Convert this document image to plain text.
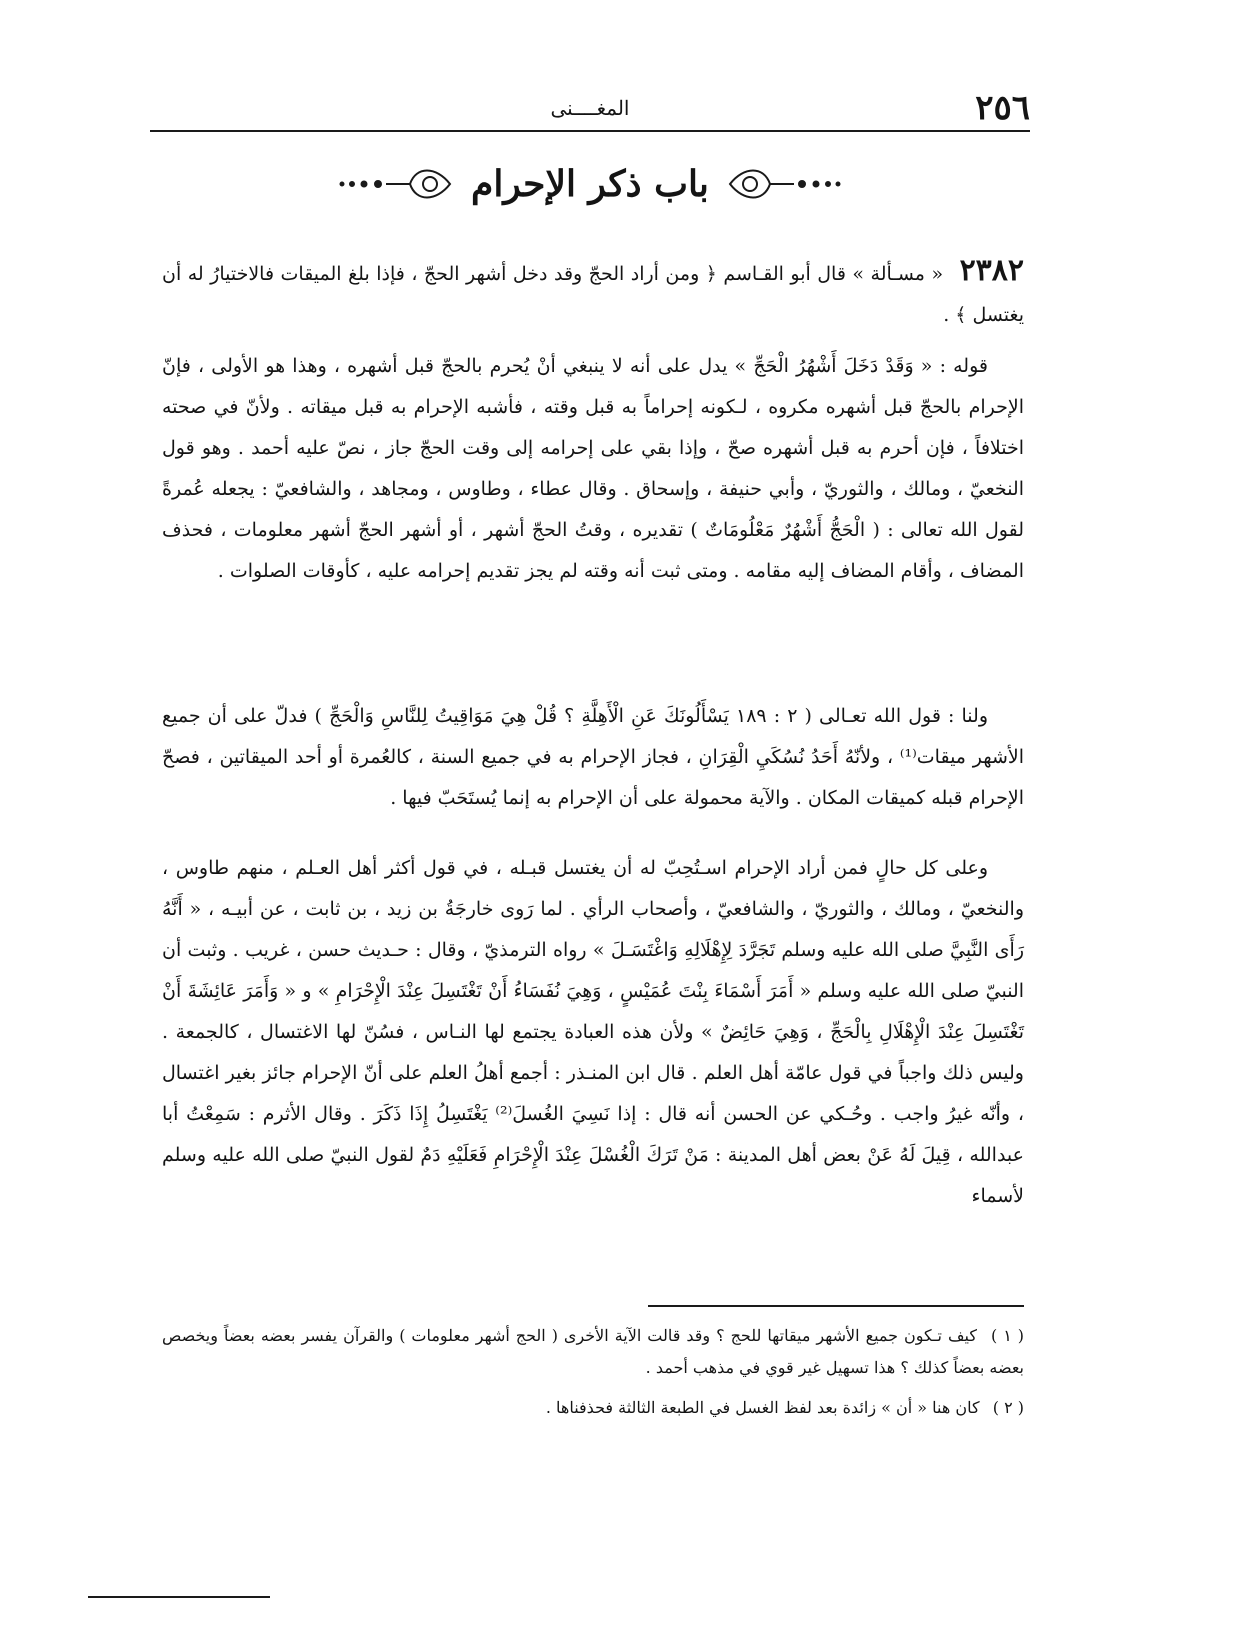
٢٥٦
المغــــنى
باب ذكر الإحرام

٢٣٨٢ « مسـألة » قال أبو القـاسم ﴿ ومن أراد الحجّ وقد دخل أشهر الحجّ ، فإذا بلغ الميقات فالاختيارُ له أن يغتسل ﴾ .

قوله : « وَقَدْ دَخَلَ أَشْهُرُ الْحَجِّ » يدل على أنه لا ينبغي أنْ يُحرم بالحجّ قبل أشهره ، وهذا هو الأولى ، فإنّ الإحرام بالحجّ قبل أشهره مكروه ، لـكونه إحراماً به قبل وقته ، فأشبه الإحرام به قبل ميقاته . ولأنّ في صحته اختلافاً ، فإن أحرم به قبل أشهره صحّ ، وإذا بقي على إحرامه إلى وقت الحجّ جاز ، نصّ عليه أحمد . وهو قول النخعيّ ، ومالك ، والثوريّ ، وأبي حنيفة ، وإسحاق . وقال عطاء ، وطاوس ، ومجاهد ، والشافعيّ : يجعله عُمرةً لقول الله تعالى : ( الْحَجُّ أَشْهُرٌ مَعْلُومَاتٌ ) تقديره ، وقتُ الحجّ أشهر ، أو أشهر الحجّ أشهر معلومات ، فحذف المضاف ، وأقام المضاف إليه مقامه . ومتى ثبت أنه وقته لم يجز تقديم إحرامه عليه ، كأوقات الصلوات .

ولنا : قول الله تعـالى ( ٢ : ١٨٩ يَسْأَلُونَكَ عَنِ الْأَهِلَّةِ ؟ قُلْ هِيَ مَوَاقِيتُ لِلنَّاسِ وَالْحَجِّ ) فدلّ على أن جميع الأشهر ميقات⁽¹⁾ ، ولأنّهُ أَحَدُ نُسُكَيِ الْقِرَانِ ، فجاز الإحرام به في جميع السنة ، كالعُمرة أو أحد الميقاتين ، فصحّ الإحرام قبله كميقات المكان . والآية محمولة على أن الإحرام به إنما يُستَحَبّ فيها .

وعلى كل حالٍ فمن أراد الإحرام اسـتُحِبّ له أن يغتسل قبـله ، في قول أكثر أهل العـلم ، منهم طاوس ، والنخعيّ ، ومالك ، والثوريّ ، والشافعيّ ، وأصحاب الرأي . لما رَوى خارجَةُ بن زيد ، بن ثابت ، عن أبيـه ، « أَنَّهُ رَأَى النَّبِيَّ صلى الله عليه وسلم تَجَرَّدَ لِإِهْلَالِهِ وَاغْتَسَـلَ » رواه الترمذيّ ، وقال : حـديث حسن ، غريب . وثبت أن النبيّ صلى الله عليه وسلم « أَمَرَ أَسْمَاءَ بِنْتَ عُمَيْسٍ ، وَهِيَ نُفَسَاءُ أَنْ تَغْتَسِلَ عِنْدَ الْإِحْرَامِ » و « وَأَمَرَ عَائِشَةَ أَنْ تَغْتَسِلَ عِنْدَ الْإِهْلَالِ بِالْحَجِّ ، وَهِيَ حَائِضٌ » ولأن هذه العبادة يجتمع لها النـاس ، فسُنّ لها الاغتسال ، كالجمعة . وليس ذلك واجباً في قول عامّة أهل العلم . قال ابن المنـذر : أجمع أهلُ العلم على أنّ الإحرام جائز بغير اغتسال ، وأنّه غيرُ واجب . وحُـكي عن الحسن أنه قال : إذا نَسِيَ الغُسلَ⁽²⁾ يَغْتَسِلُ إِذَا ذَكَرَ . وقال الأثرم : سَمِعْتُ أبا عبدالله ، قِيلَ لَهُ عَنْ بعض أهل المدينة : مَنْ تَرَكَ الْغُسْلَ عِنْدَ الْإِحْرَامِ فَعَلَيْهِ دَمٌ لقول النبيّ صلى الله عليه وسلم لأسماء

( ١ ) كيف تـكون جميع الأشهر ميقاتها للحج ؟ وقد قالت الآية الأخرى ( الحج أشهر معلومات ) والقرآن يفسر بعضه بعضاً ويخصص بعضه بعضاً كذلك ؟ هذا تسهيل غير قوي في مذهب أحمد .

( ٢ ) كان هنا « أن » زائدة بعد لفظ الغسل في الطبعة الثالثة فحذفناها .
